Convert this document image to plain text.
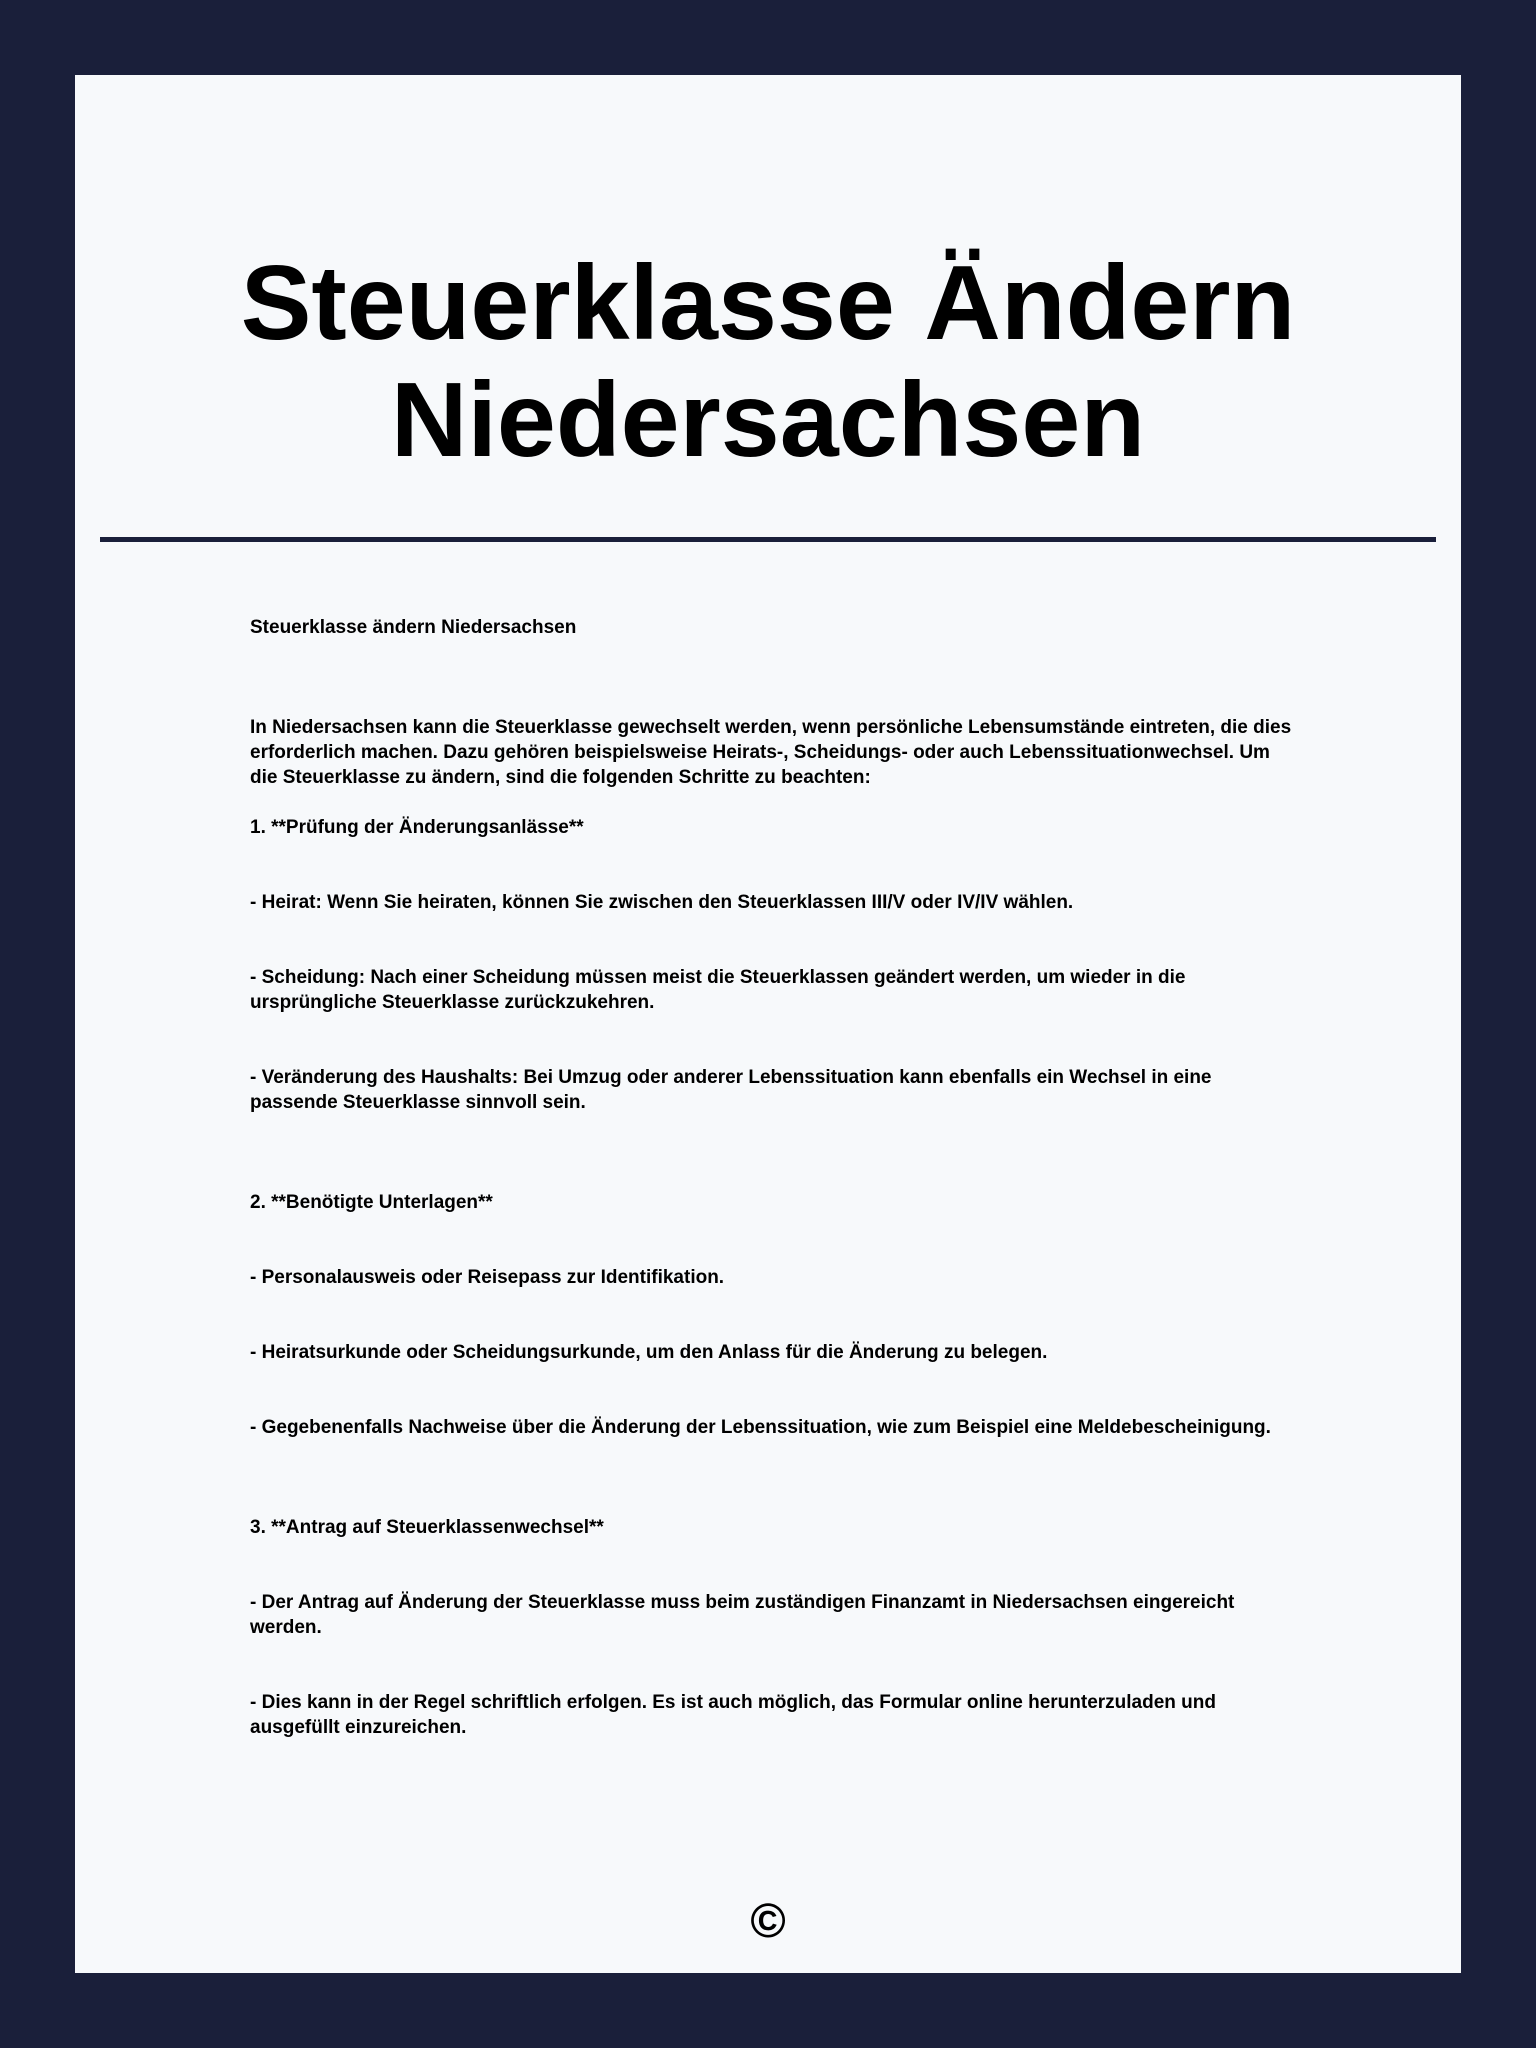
Steuerklasse Ändern
Niedersachsen

Steuerklasse ändern Niedersachsen

In Niedersachsen kann die Steuerklasse gewechselt werden, wenn persönliche Lebensumstände eintreten, die dies erforderlich machen. Dazu gehören beispielsweise Heirats-, Scheidungs- oder auch Lebenssituationwechsel. Um die Steuerklasse zu ändern, sind die folgenden Schritte zu beachten:

1. **Prüfung der Änderungsanlässe**

- Heirat: Wenn Sie heiraten, können Sie zwischen den Steuerklassen III/V oder IV/IV wählen.

- Scheidung: Nach einer Scheidung müssen meist die Steuerklassen geändert werden, um wieder in die ursprüngliche Steuerklasse zurückzukehren.

- Veränderung des Haushalts: Bei Umzug oder anderer Lebenssituation kann ebenfalls ein Wechsel in eine passende Steuerklasse sinnvoll sein.

2. **Benötigte Unterlagen**

- Personalausweis oder Reisepass zur Identifikation.

- Heiratsurkunde oder Scheidungsurkunde, um den Anlass für die Änderung zu belegen.

- Gegebenenfalls Nachweise über die Änderung der Lebenssituation, wie zum Beispiel eine Meldebescheinigung.

3. **Antrag auf Steuerklassenwechsel**

- Der Antrag auf Änderung der Steuerklasse muss beim zuständigen Finanzamt in Niedersachsen eingereicht werden.

- Dies kann in der Regel schriftlich erfolgen. Es ist auch möglich, das Formular online herunterzuladen und ausgefüllt einzureichen.

©
